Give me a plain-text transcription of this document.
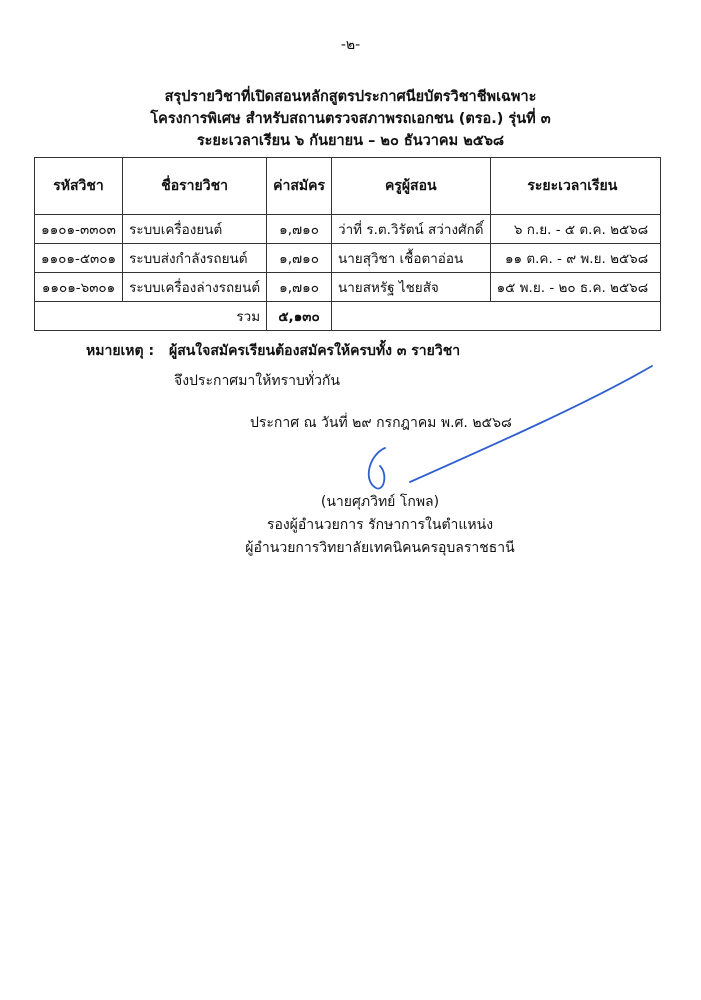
-๒-
สรุปรายวิชาที่เปิดสอนหลักสูตรประกาศนียบัตรวิชาชีพเฉพาะ
โครงการพิเศษ สำหรับสถานตรวจสภาพรถเอกชน (ตรอ.) รุ่นที่ ๓
ระยะเวลาเรียน ๖ กันยายน – ๒๐ ธันวาคม ๒๕๖๘
รหัสวิชา	ชื่อรายวิชา	ค่าสมัคร	ครูผู้สอน	ระยะเวลาเรียน
๑๑๐๑-๓๓๐๓	ระบบเครื่องยนต์	๑,๗๑๐	ว่าที่ ร.ต.วิรัตน์ สว่างศักดิ์	๖ ก.ย. - ๕ ต.ค. ๒๕๖๘
๑๑๐๑-๕๓๐๑	ระบบส่งกำลังรถยนต์	๑,๗๑๐	นายสุวิชา เชื้อตาอ่อน	๑๑ ต.ค. - ๙ พ.ย. ๒๕๖๘
๑๑๐๑-๖๓๐๑	ระบบเครื่องล่างรถยนต์	๑,๗๑๐	นายสหรัฐ ไชยสัจ	๑๕ พ.ย. - ๒๐ ธ.ค. ๒๕๖๘
รวม		๕,๑๓๐		
หมายเหตุ : ผู้สนใจสมัครเรียนต้องสมัครให้ครบทั้ง ๓ รายวิชา
จึงประกาศมาให้ทราบทั่วกัน
ประกาศ ณ วันที่ ๒๙ กรกฎาคม พ.ศ. ๒๕๖๘
(นายศุภวิทย์ โกพล)
รองผู้อำนวยการ รักษาการในตำแหน่ง
ผู้อำนวยการวิทยาลัยเทคนิคนครอุบลราชธานี
